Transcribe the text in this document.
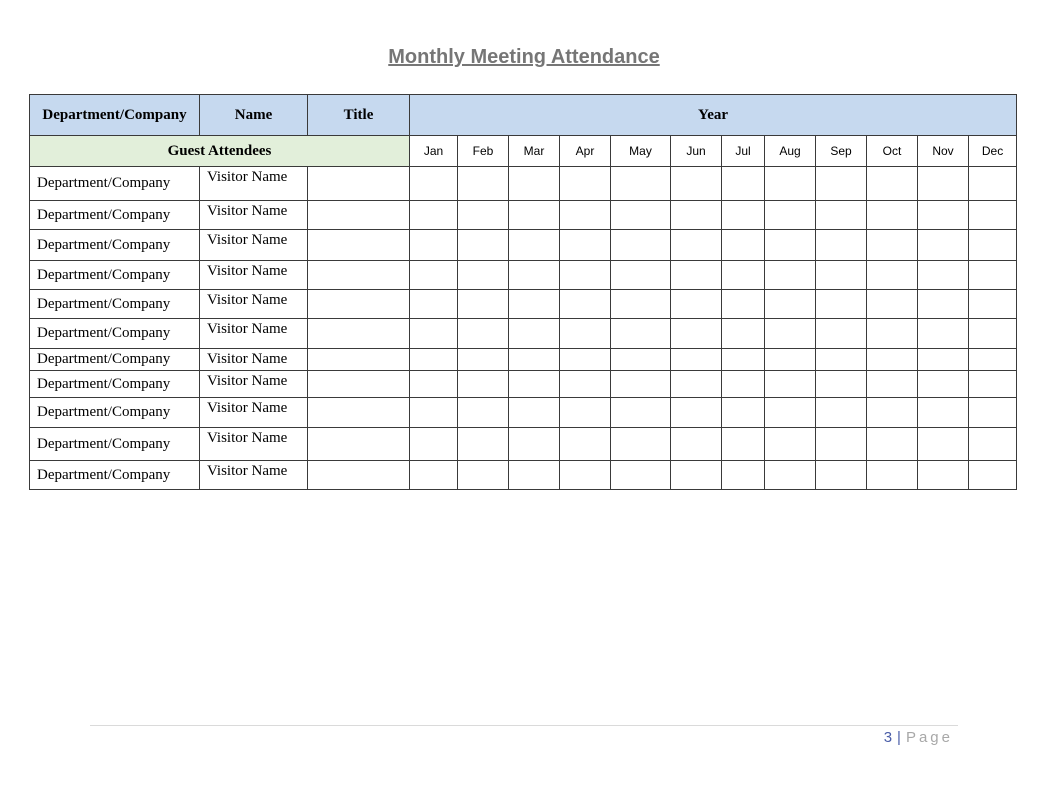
Monthly Meeting Attendance
Department/Company	Name	Title	Year											
Guest Attendees			Jan	Feb	Mar	Apr	May	Jun	Jul	Aug	Sep	Oct	Nov	Dec
Department/Company	Visitor Name													
Department/Company	Visitor Name													
Department/Company	Visitor Name													
Department/Company	Visitor Name													
Department/Company	Visitor Name													
Department/Company	Visitor Name													
Department/Company	Visitor Name													
Department/Company	Visitor Name													
Department/Company	Visitor Name													
Department/Company	Visitor Name													
Department/Company	Visitor Name													
3 | Page
